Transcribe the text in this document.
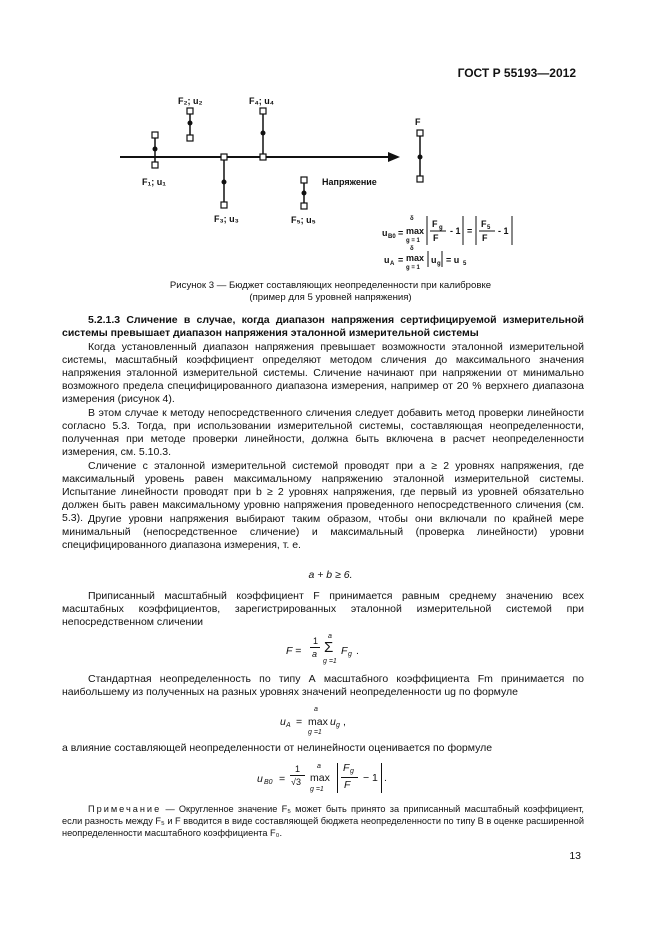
ГОСТ Р 55193—2012
F₁; u₁
F₂; u₂
F₃; u₃
F₄; u₄
F₅; u₅
F
Напряжение
u B0 =
δ
max
g = 1
F g
F
- 1 =
F 5
F
- 1
u A =
δ
max
g = 1
u g = u 5
Рисунок 3 — Бюджет составляющих неопределенности при калибровке
(пример для 5 уровней напряжения)
5.2.1.3 Сличение в случае, когда диапазон напряжения сертифицируемой измерительной системы превышает диапазон напряжения эталонной измерительной системы
Когда установленный диапазон напряжения превышает возможности эталонной измерительной системы, масштабный коэффициент определяют методом сличения до максимального значения напряжения эталонной измерительной системы. Сличение начинают при напряжении от минимально возможного предела специфицированного диапазона измерения, например от 20 % верхнего диапазона измерения (рисунок 4).
В этом случае к методу непосредственного сличения следует добавить метод проверки линейности согласно 5.3. Тогда, при использовании измерительной системы, составляющая неопределенности, полученная при методе проверки линейности, должна быть включена в расчет неопределенности измерения, см. 5.10.3.
Сличение с эталонной измерительной системой проводят при a ≥ 2 уровнях напряжения, где максимальный уровень равен максимальному напряжению эталонной измерительной системы. Испытание линейности проводят при b ≥ 2 уровнях напряжения, где первый из уровней обязательно должен быть равен максимальному уровню напряжения проведенного непосредственного сличения (см. 5.3). Другие уровни напряжения выбирают таким образом, чтобы они включали по крайней мере минимальный (непосредственное сличение) и максимальный (проверка линейности) уровни специфицированного диапазона измерения, т. е.
a + b ≥ 6.
Приписанный масштабный коэффициент F принимается равным среднему значению всех масштабных коэффициентов, зарегистрированных эталонной измерительной системой при непосредственном сличении
F =
1
a
a
Σ
g =1
F g .
Стандартная неопределенность по типу А масштабного коэффициента Fm принимается по наибольшему из полученных на разных уровнях значений неопределенности ug по формуле
u A =
a
max
g =1
u g ,
а влияние составляющей неопределенности от нелинейности оценивается по формуле
u B0 =
1
√3
a
max
g =1
F g
F
− 1 .
Примечание — Округленное значение F₅ может быть принято за приписанный масштабный коэффициент, если разность между F₅ и F вводится в виде составляющей бюджета неопределенности по типу В в оценке расширенной неопределенности масштабного коэффициента F₀.
13
